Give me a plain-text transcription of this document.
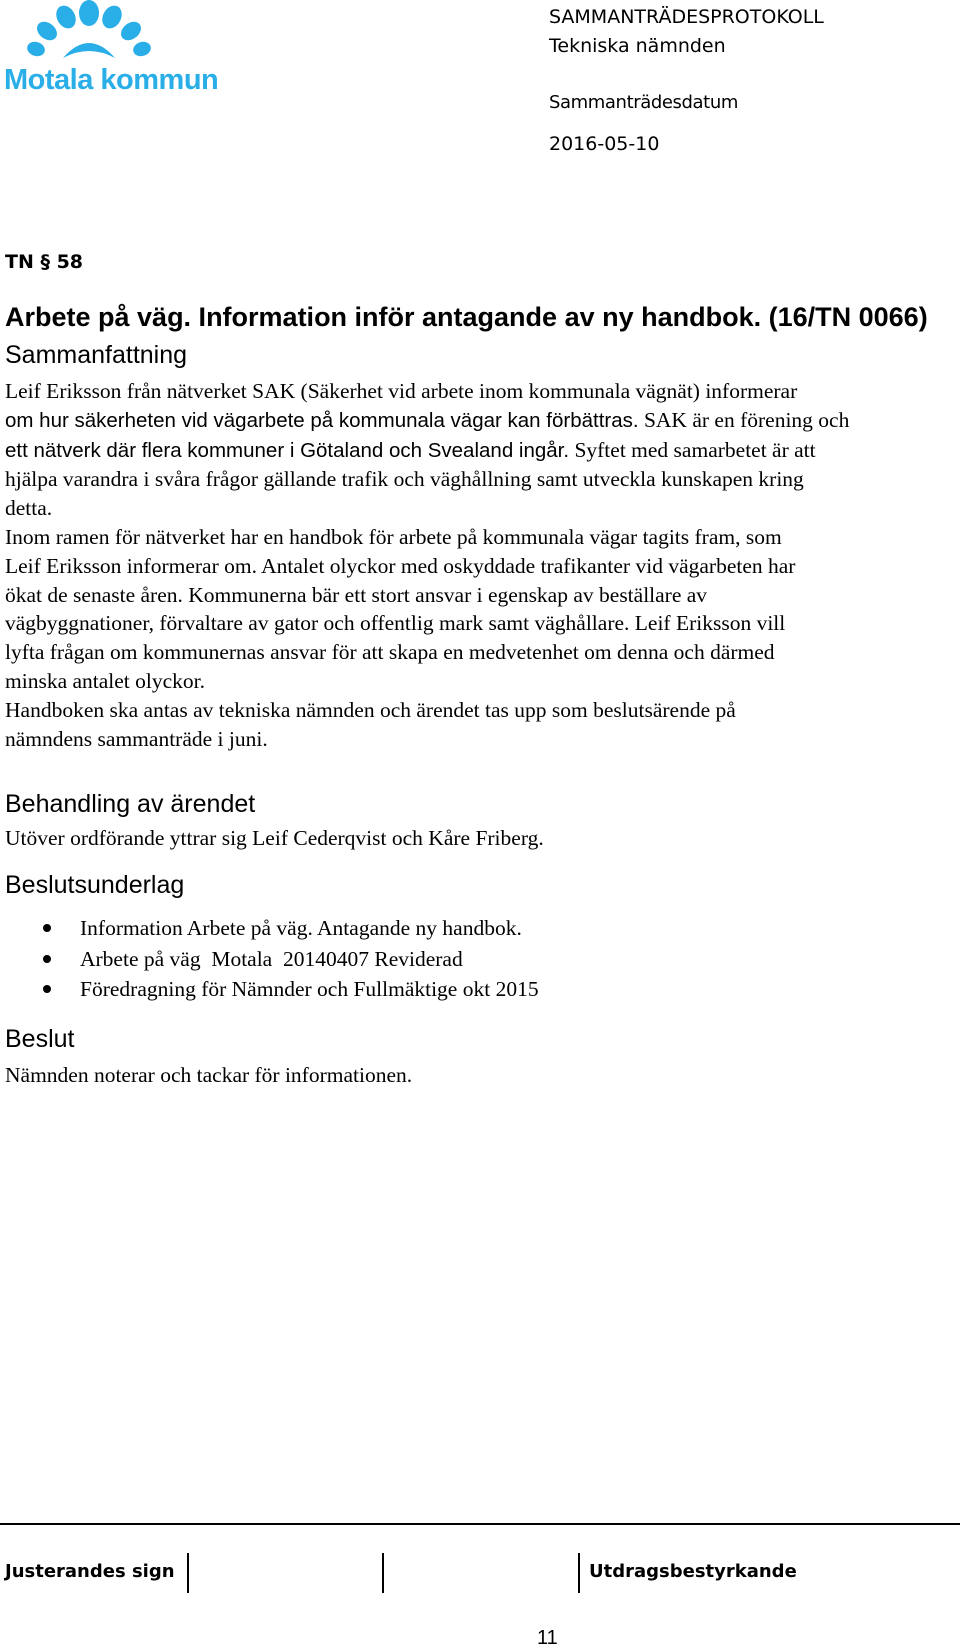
Motala kommun
SAMMANTRÄDESPROTOKOLL
Tekniska nämnden
Sammanträdesdatum
2016-05-10
TN § 58
Arbete på väg. Information inför antagande av ny handbok. (16/TN 0066)
Sammanfattning

Leif Eriksson från nätverket SAK (Säkerhet vid arbete inom kommunala vägnät) informerar
om hur säkerheten vid vägarbete på kommunala vägar kan förbättras. SAK är en förening och
ett nätverk där flera kommuner i Götaland och Svealand ingår. Syftet med samarbetet är att
hjälpa varandra i svåra frågor gällande trafik och väghållning samt utveckla kunskapen kring
detta.

Inom ramen för nätverket har en handbok för arbete på kommunala vägar tagits fram, som
Leif Eriksson informerar om. Antalet olyckor med oskyddade trafikanter vid vägarbeten har
ökat de senaste åren. Kommunerna bär ett stort ansvar i egenskap av beställare av
vägbyggnationer, förvaltare av gator och offentlig mark samt väghållare. Leif Eriksson vill
lyfta frågan om kommunernas ansvar för att skapa en medvetenhet om denna och därmed
minska antalet olyckor.

Handboken ska antas av tekniska nämnden och ärendet tas upp som beslutsärende på
nämndens sammanträde i juni.

Behandling av ärendet
Utöver ordförande yttrar sig Leif Cederqvist och Kåre Friberg.
Beslutsunderlag
Information Arbete på väg. Antagande ny handbok.
Arbete på väg  Motala  20140407 Reviderad
Föredragning för Nämnder och Fullmäktige okt 2015
Beslut
Nämnden noterar och tackar för informationen.
Justerandes sign	Utdragsbestyrkande
11
